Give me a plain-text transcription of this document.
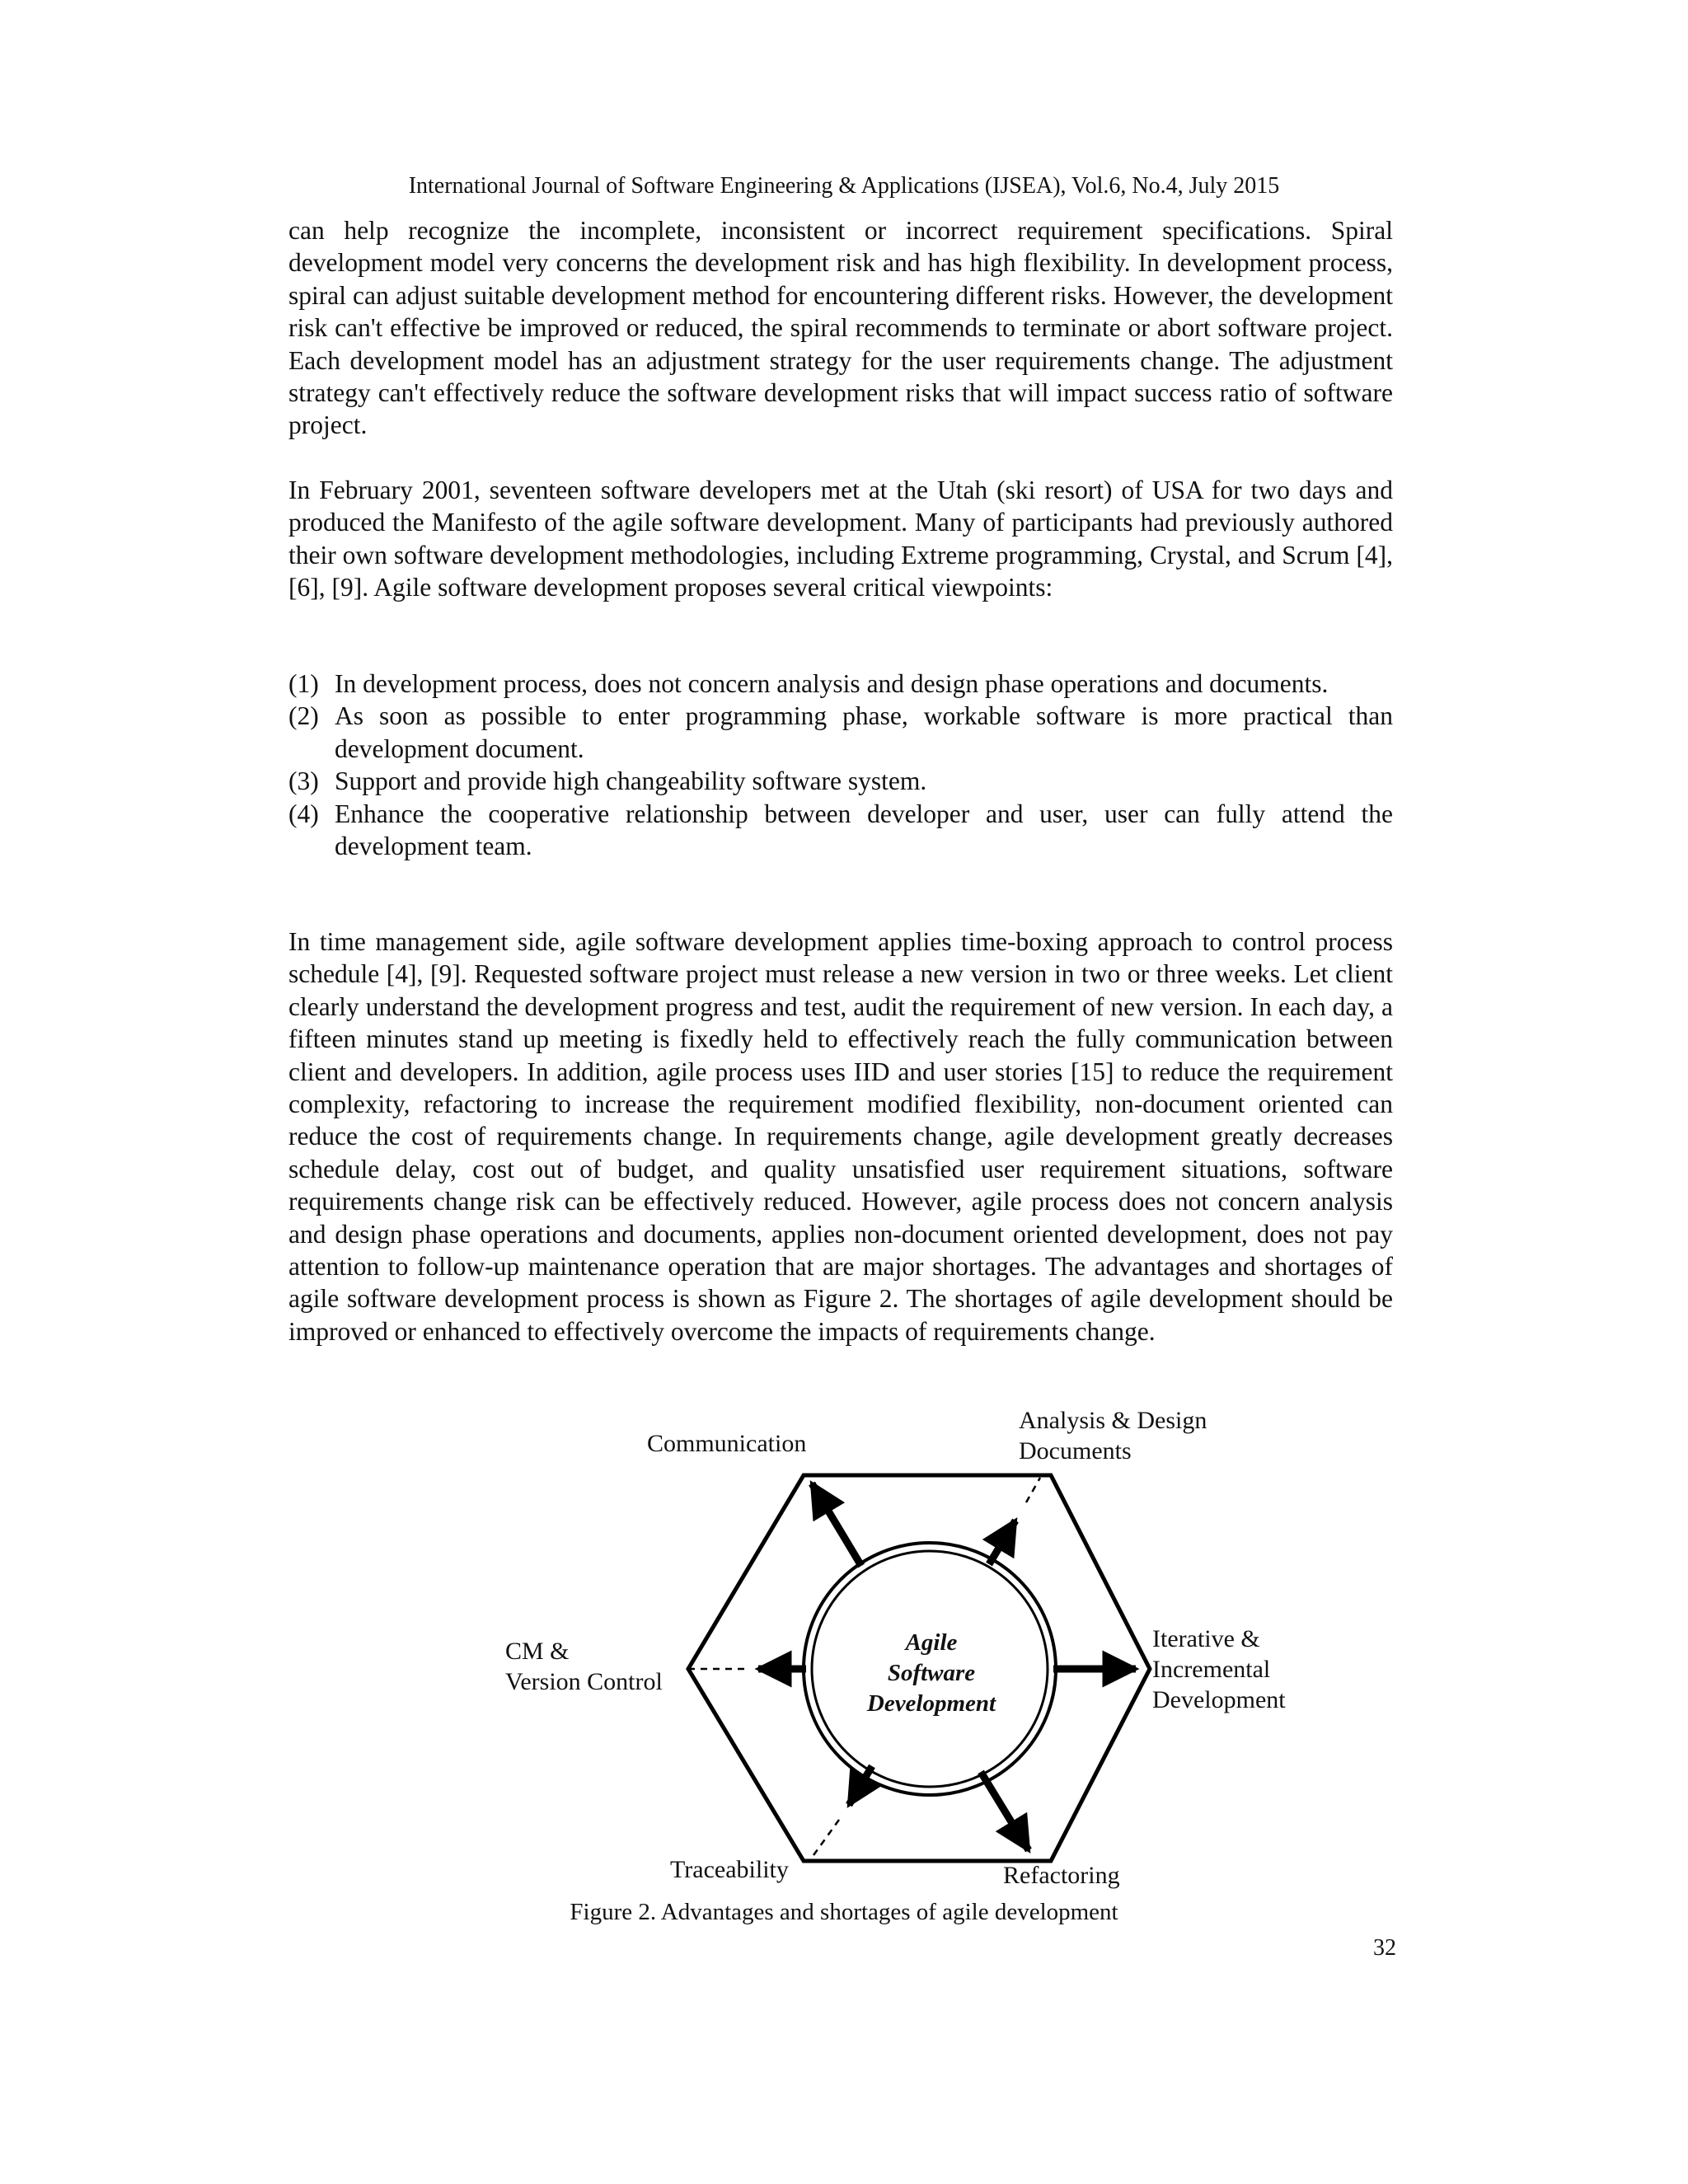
International Journal of Software Engineering & Applications (IJSEA), Vol.6, No.4, July 2015

can help recognize the incomplete, inconsistent or incorrect requirement specifications. Spiral development model very concerns the development risk and has high flexibility. In development process, spiral can adjust suitable development method for encountering different risks. However, the development risk can't effective be improved or reduced, the spiral recommends to terminate or abort software project. Each development model has an adjustment strategy for the user requirements change. The adjustment strategy can't effectively reduce the software development risks that will impact success ratio of software project.

In February 2001, seventeen software developers met at the Utah (ski resort) of USA for two days and produced the Manifesto of the agile software development. Many of participants had previously authored their own software development methodologies, including Extreme programming, Crystal, and Scrum [4], [6], [9]. Agile software development proposes several critical viewpoints:

(1) In development process, does not concern analysis and design phase operations and documents.
(2) As soon as possible to enter programming phase, workable software is more practical than development document.
(3) Support and provide high changeability software system.
(4) Enhance the cooperative relationship between developer and user, user can fully attend the development team.

In time management side, agile software development applies time-boxing approach to control process schedule [4], [9]. Requested software project must release a new version in two or three weeks. Let client clearly understand the development progress and test, audit the requirement of new version. In each day, a fifteen minutes stand up meeting is fixedly held to effectively reach the fully communication between client and developers. In addition, agile process uses IID and user stories [15] to reduce the requirement complexity, refactoring to increase the requirement modified flexibility, non-document oriented can reduce the cost of requirements change. In requirements change, agile development greatly decreases schedule delay, cost out of budget, and quality unsatisfied user requirement situations, software requirements change risk can be effectively reduced. However, agile process does not concern analysis and design phase operations and documents, applies non-document oriented development, does not pay attention to follow-up maintenance operation that are major shortages. The advantages and shortages of agile software development process is shown as Figure 2. The shortages of agile development should be improved or enhanced to effectively overcome the impacts of requirements change.

Agile
Software
Development
Communication
Analysis & Design
Documents
Iterative &
Incremental
Development
Refactoring
Traceability
CM &
Version Control
Figure 2. Advantages and shortages of agile development
32
